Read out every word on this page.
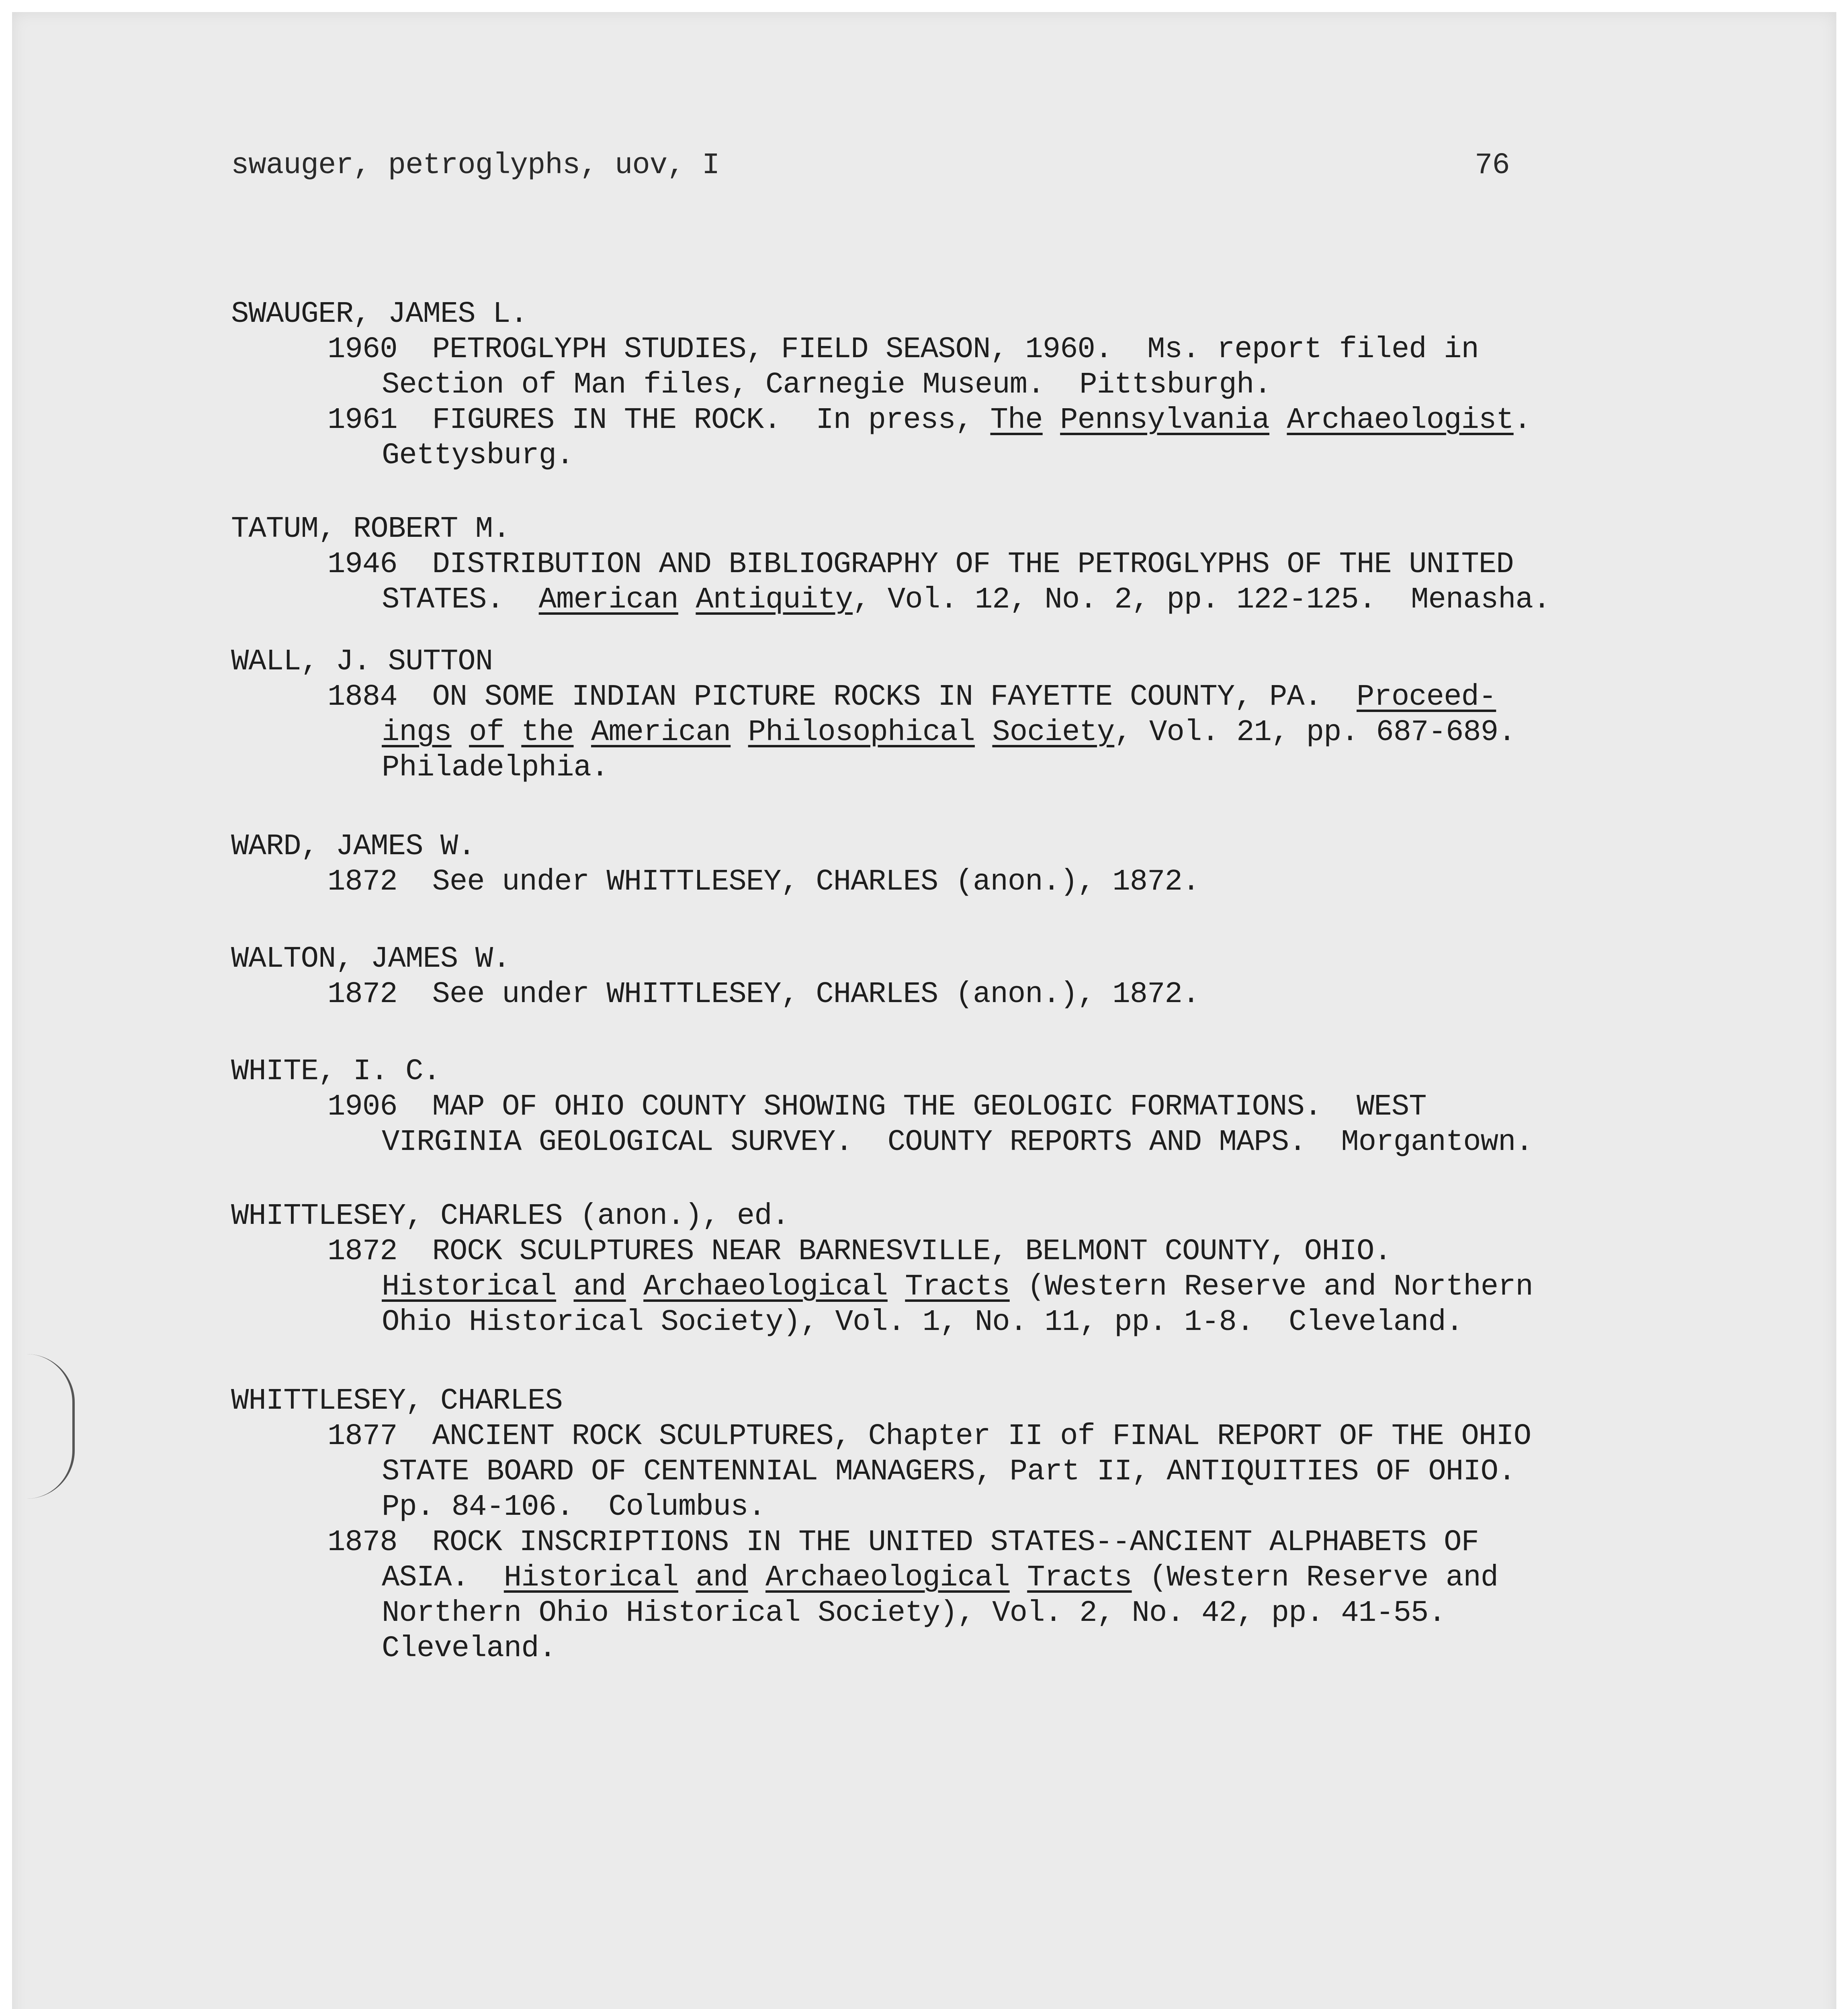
swauger, petroglyphs, uov, I	76
SWAUGER, JAMES L.
1960  PETROGLYPH STUDIES, FIELD SEASON, 1960.  Ms. report filed in
Section of Man files, Carnegie Museum.  Pittsburgh.
1961  FIGURES IN THE ROCK.  In press, The Pennsylvania Archaeologist.
Gettysburg.
TATUM, ROBERT M.
1946  DISTRIBUTION AND BIBLIOGRAPHY OF THE PETROGLYPHS OF THE UNITED
STATES.  American Antiquity, Vol. 12, No. 2, pp. 122-125.  Menasha.
WALL, J. SUTTON
1884  ON SOME INDIAN PICTURE ROCKS IN FAYETTE COUNTY, PA.  Proceed-
ings of the American Philosophical Society, Vol. 21, pp. 687-689.
Philadelphia.
WARD, JAMES W.
1872  See under WHITTLESEY, CHARLES (anon.), 1872.
WALTON, JAMES W.
1872  See under WHITTLESEY, CHARLES (anon.), 1872.
WHITE, I. C.
1906  MAP OF OHIO COUNTY SHOWING THE GEOLOGIC FORMATIONS.  WEST
VIRGINIA GEOLOGICAL SURVEY.  COUNTY REPORTS AND MAPS.  Morgantown.
WHITTLESEY, CHARLES (anon.), ed.
1872  ROCK SCULPTURES NEAR BARNESVILLE, BELMONT COUNTY, OHIO.
Historical and Archaeological Tracts (Western Reserve and Northern
Ohio Historical Society), Vol. 1, No. 11, pp. 1-8.  Cleveland.
WHITTLESEY, CHARLES
1877  ANCIENT ROCK SCULPTURES, Chapter II of FINAL REPORT OF THE OHIO
STATE BOARD OF CENTENNIAL MANAGERS, Part II, ANTIQUITIES OF OHIO.
Pp. 84-106.  Columbus.
1878  ROCK INSCRIPTIONS IN THE UNITED STATES--ANCIENT ALPHABETS OF
ASIA.  Historical and Archaeological Tracts (Western Reserve and
Northern Ohio Historical Society), Vol. 2, No. 42, pp. 41-55.
Cleveland.
